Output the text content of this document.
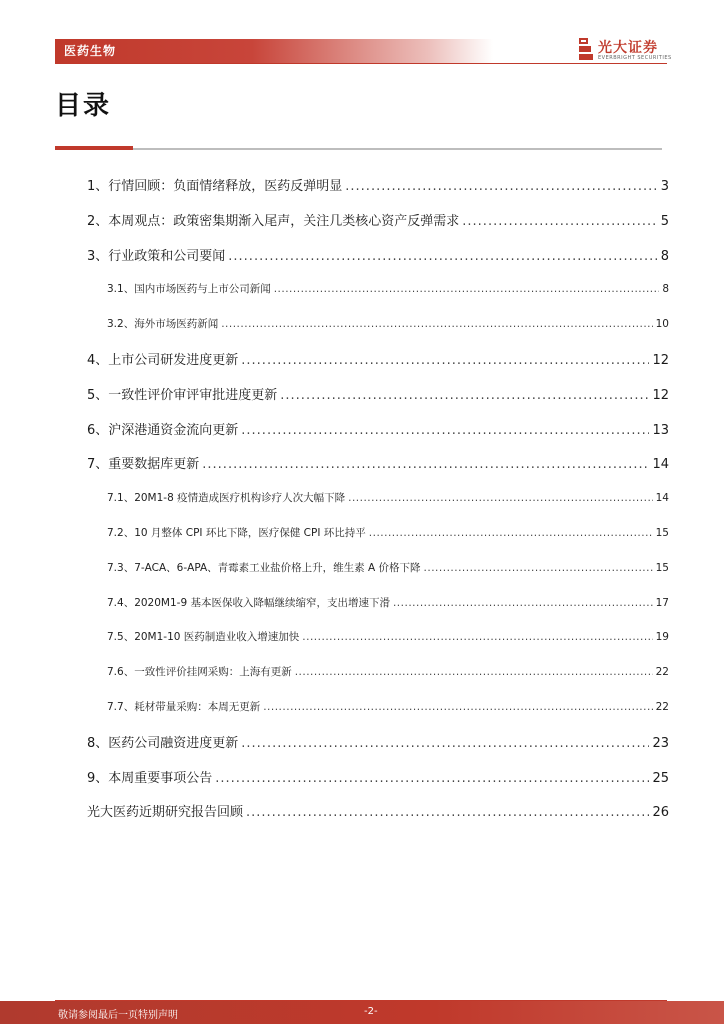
医药生物	光大证券
EVERBRIGHT SECURITIES
目录
1、行情回顾：负面情绪释放，医药反弹明显 .....	3
2、本周观点：政策密集期渐入尾声，关注几类核心资产反弹需求 .....	5
3、行业政策和公司要闻 .....	8
3.1、国内市场医药与上市公司新闻 .....	8
3.2、海外市场医药新闻 .....	10
4、上市公司研发进度更新 .....	12
5、一致性评价审评审批进度更新 .....	12
6、沪深港通资金流向更新 .....	13
7、重要数据库更新 .....	14
7.1、20M1-8 疫情造成医疗机构诊疗人次大幅下降 .....	14
7.2、10 月整体 CPI 环比下降，医疗保健 CPI 环比持平 .....	15
7.3、7-ACA、6-APA、青霉素工业盐价格上升，维生素 A 价格下降 .....	15
7.4、2020M1-9 基本医保收入降幅继续缩窄，支出增速下滑 .....	17
7.5、20M1-10 医药制造业收入增速加快 .....	19
7.6、一致性评价挂网采购：上海有更新 .....	22
7.7、耗材带量采购：本周无更新 .....	22
8、医药公司融资进度更新 .....	23
9、本周重要事项公告 .....	25
光大医药近期研究报告回顾 .....	26
敬请参阅最后一页特别声明	-2-
